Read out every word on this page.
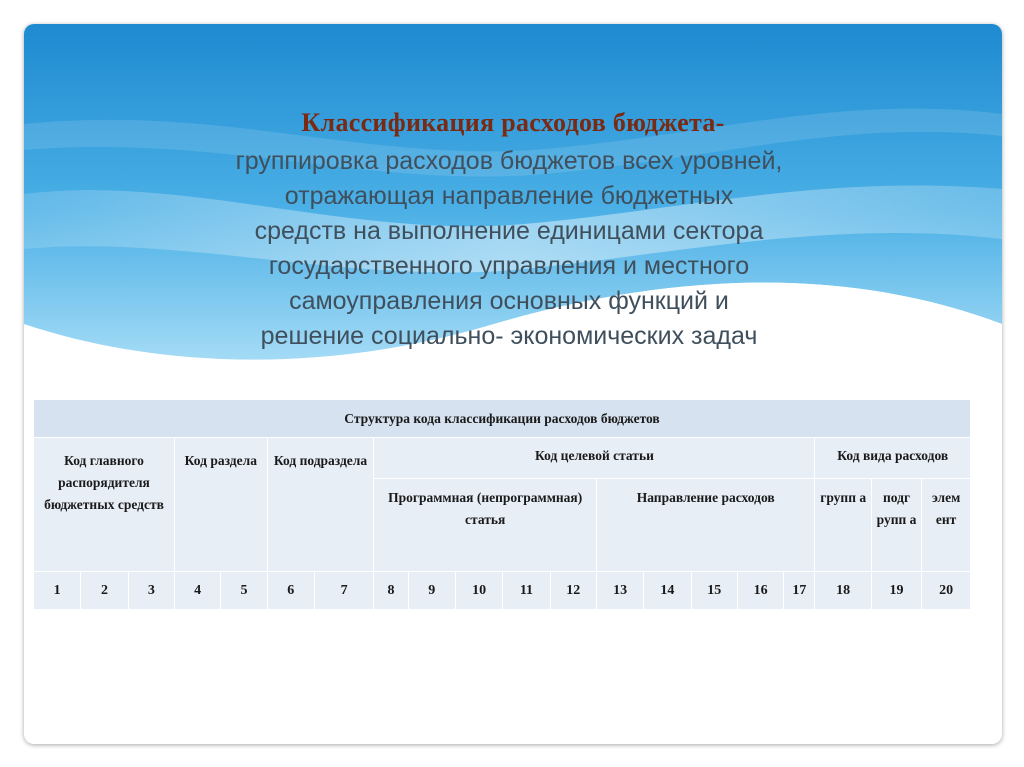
Классификация расходов бюджета-

группировка расходов бюджетов всех уровней,
отражающая направление бюджетных
средств на выполнение единицами сектора
государственного управления и местного
самоуправления основных функций и
решение социально- экономических задач

Структура кода классификации расходов бюджетов																			
Код главного распорядителя бюджетных средств			Код раздела		Код подраздела		Код целевой статьи										Код вида расходов		
							Программная (непрограммная) статья					Направление расходов					групп а	подг рупп а	элем ент
1	2	3	4	5	6	7	8	9	10	11	12	13	14	15	16	17	18	19	20
